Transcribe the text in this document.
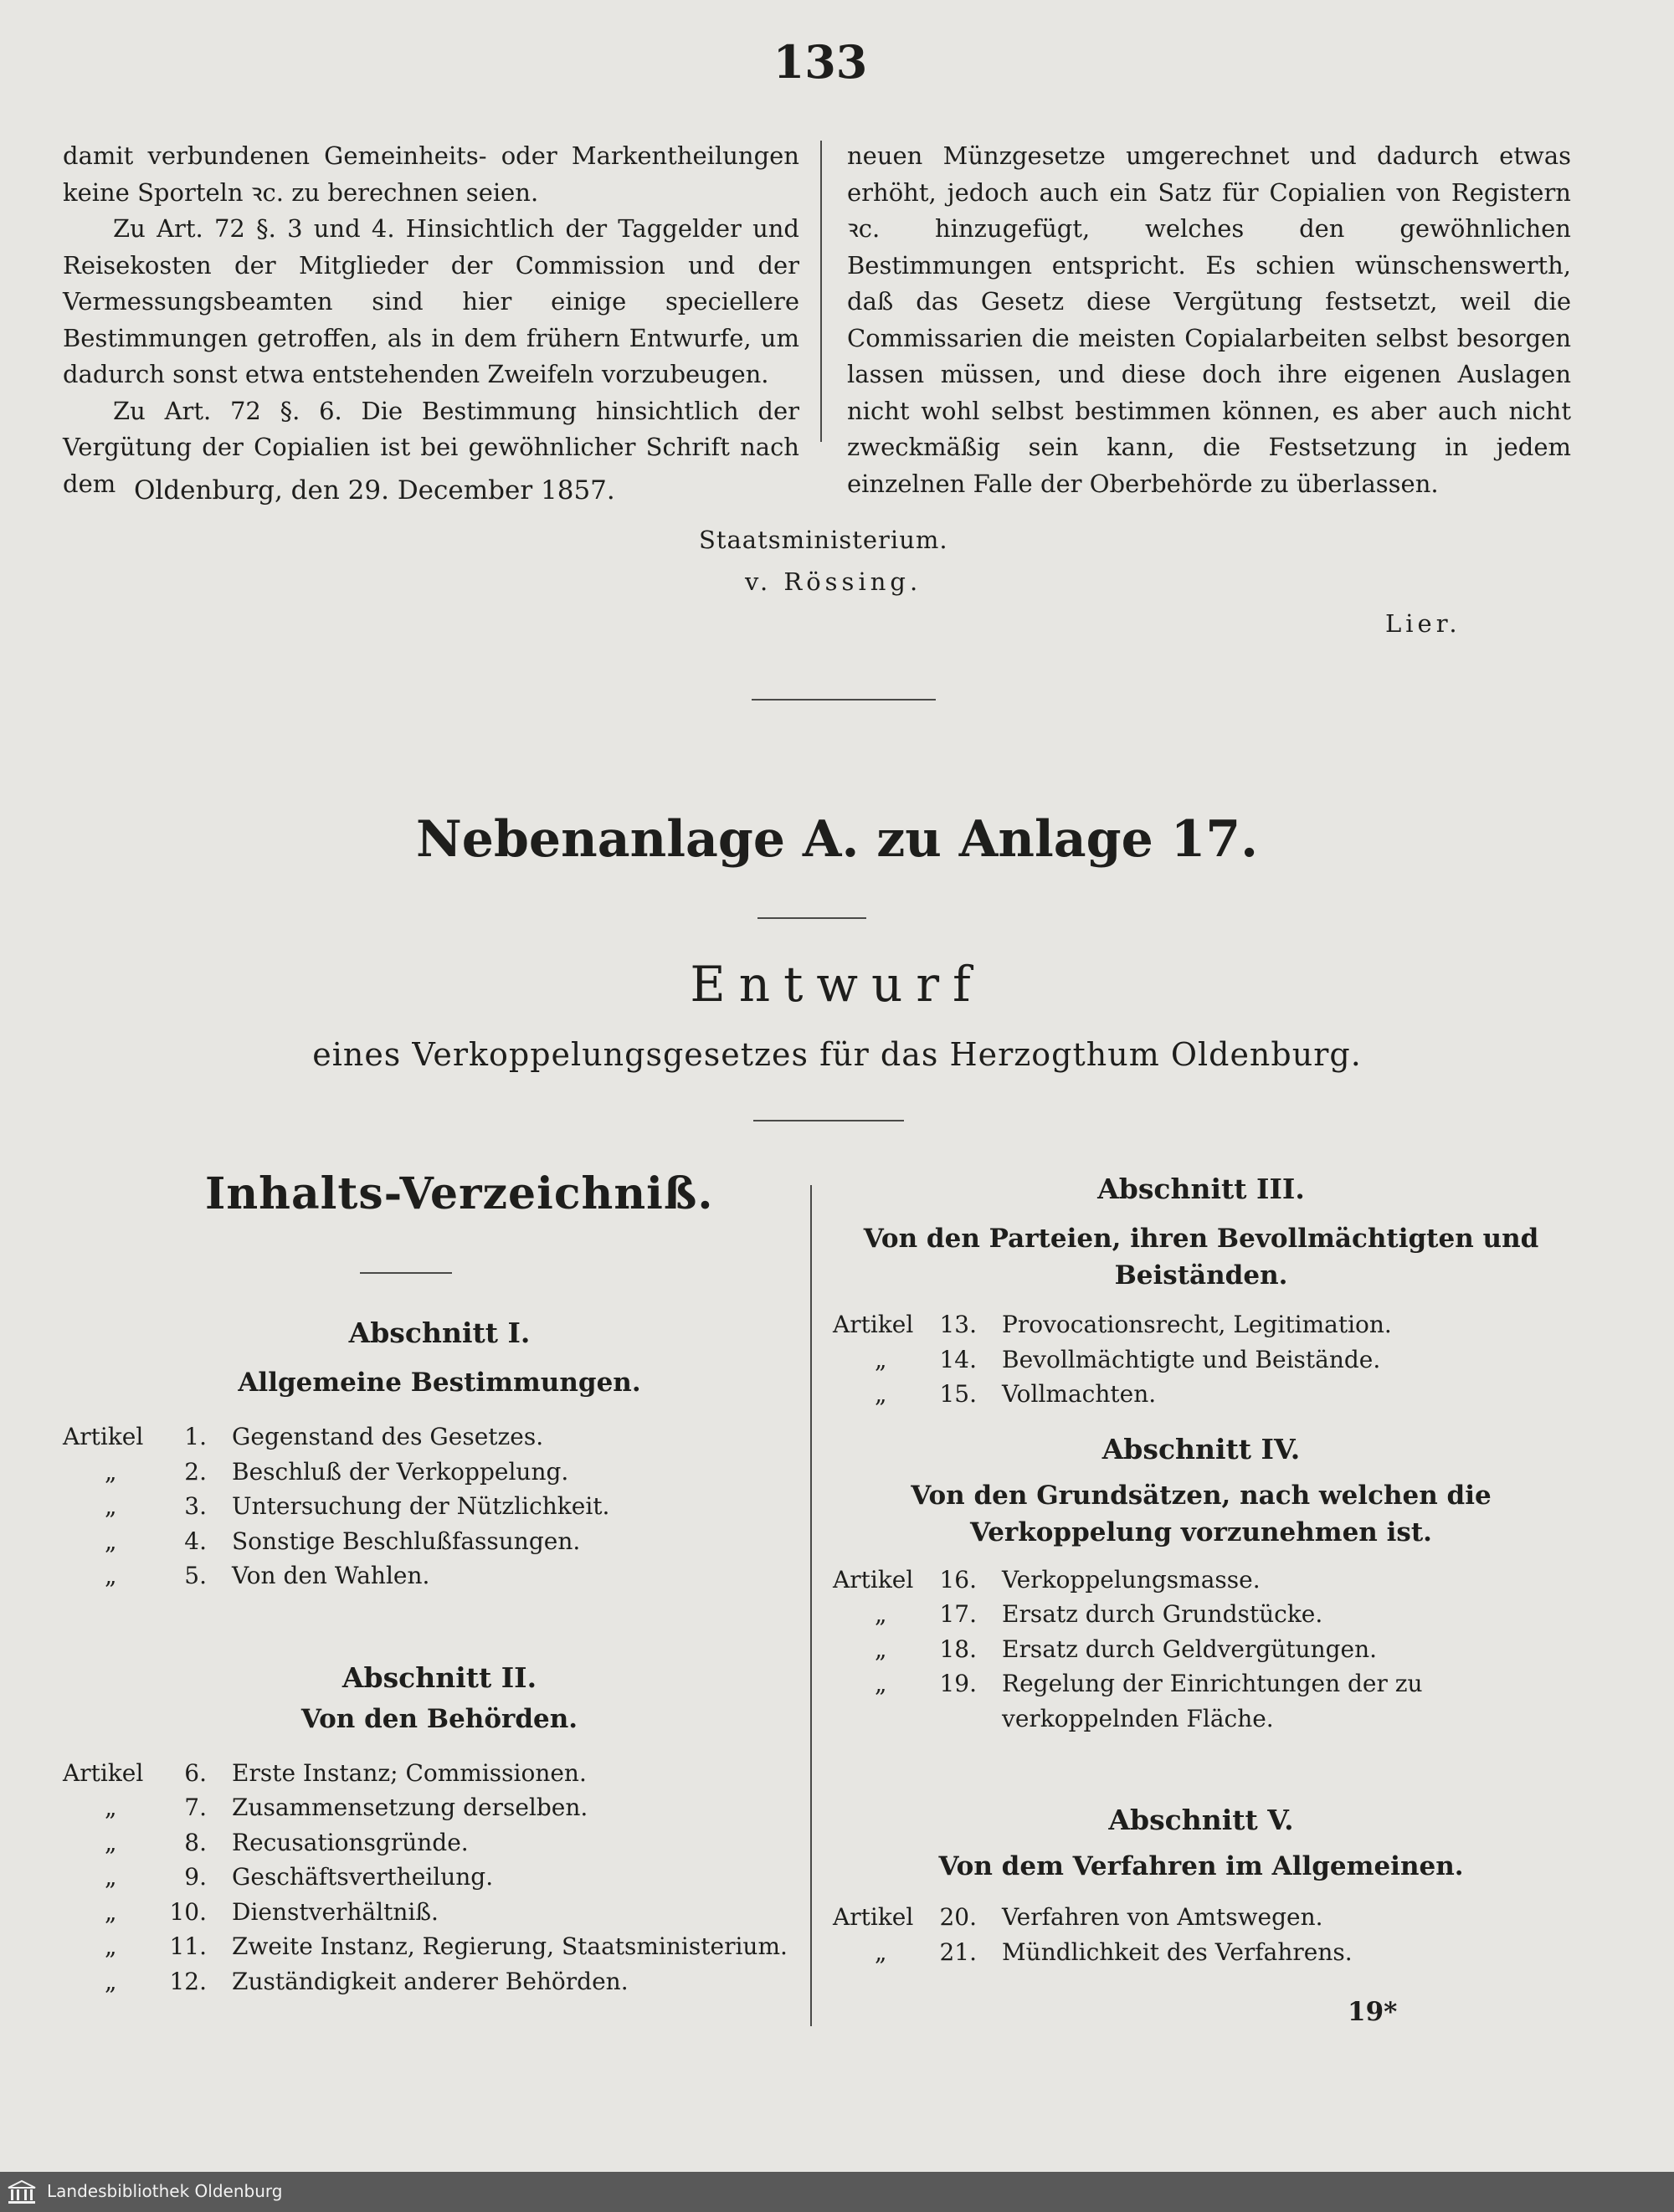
133

damit verbundenen Gemeinheits- oder Markentheilungen keine Sporteln ꝛc. zu berechnen seien.

Zu Art. 72 §. 3 und 4. Hinsichtlich der Taggelder und Reisekosten der Mitglieder der Commission und der Vermessungsbeamten sind hier einige speciellere Bestimmungen getroffen, als in dem frühern Entwurfe, um dadurch sonst etwa entstehenden Zweifeln vorzubeugen.

Zu Art. 72 §. 6. Die Bestimmung hinsichtlich der Vergütung der Copialien ist bei gewöhnlicher Schrift nach dem

neuen Münzgesetze umgerechnet und dadurch etwas erhöht, jedoch auch ein Satz für Copialien von Registern ꝛc. hinzugefügt, welches den gewöhnlichen Bestimmungen entspricht. Es schien wünschenswerth, daß das Gesetz diese Vergütung festsetzt, weil die Commissarien die meisten Copialarbeiten selbst besorgen lassen müssen, und diese doch ihre eigenen Auslagen nicht wohl selbst bestimmen können, es aber auch nicht zweckmäßig sein kann, die Festsetzung in jedem einzelnen Falle der Oberbehörde zu überlassen.

Oldenburg, den 29. December 1857.
Staatsministerium.
v. Rössing.
Lier.
Nebenanlage A. zu Anlage 17.
Entwurf
eines Verkoppelungsgesetzes für das Herzogthum Oldenburg.
Inhalts-Verzeichniß.
Abschnitt I.
Allgemeine Bestimmungen.
Artikel	1. Gegenstand des Gesetzes.
„	2. Beschluß der Verkoppelung.
„	3. Untersuchung der Nützlichkeit.
„	4. Sonstige Beschlußfassungen.
„	5. Von den Wahlen.
Abschnitt II.
Von den Behörden.
Artikel	6. Erste Instanz; Commissionen.
„	7. Zusammensetzung derselben.
„	8. Recusationsgründe.
„	9. Geschäftsvertheilung.
„	10. Dienstverhältniß.
„	11. Zweite Instanz, Regierung, Staatsministerium.
„	12. Zuständigkeit anderer Behörden.
Abschnitt III.
Von den Parteien, ihren Bevollmächtigten und Beiständen.
Artikel	13. Provocationsrecht, Legitimation.
„	14. Bevollmächtigte und Beistände.
„	15. Vollmachten.
Abschnitt IV.
Von den Grundsätzen, nach welchen die Verkoppelung vorzunehmen ist.
Artikel	16. Verkoppelungsmasse.
„	17. Ersatz durch Grundstücke.
„	18. Ersatz durch Geldvergütungen.
„	19. Regelung der Einrichtungen der zu verkoppelnden Fläche.
Abschnitt V.
Von dem Verfahren im Allgemeinen.
Artikel	20. Verfahren von Amtswegen.
„	21. Mündlichkeit des Verfahrens.
19*
Landesbibliothek Oldenburg
